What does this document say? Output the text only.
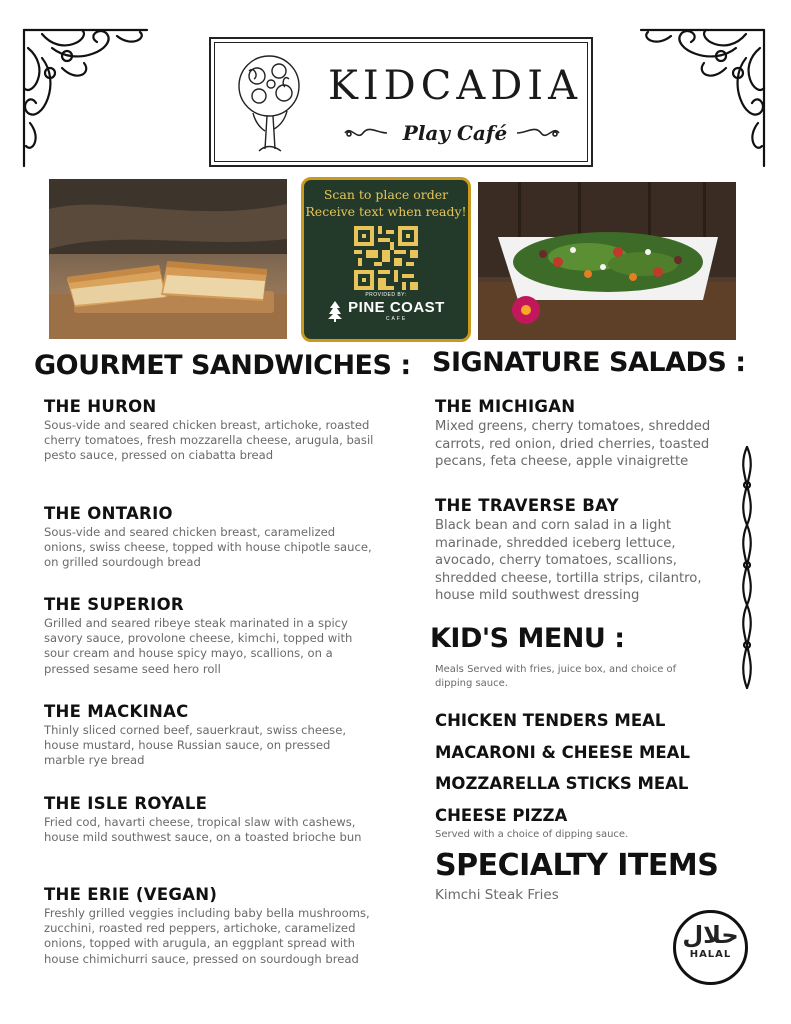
KIDCADIA
Play Café
Scan to place order
Receive text when ready!
PROVIDED BY:
PINE COAST
CAFE
GOURMET SANDWICHES :
THE HURON
Sous-vide and seared chicken breast, artichoke, roasted cherry tomatoes, fresh mozzarella cheese, arugula, basil pesto sauce, pressed on ciabatta bread
THE ONTARIO
Sous-vide and seared chicken breast, caramelized onions, swiss cheese, topped with house chipotle sauce, on grilled sourdough bread
THE SUPERIOR
Grilled and seared ribeye steak marinated in a spicy savory sauce, provolone cheese, kimchi, topped with sour cream and house spicy mayo, scallions, on a pressed sesame seed hero roll
THE MACKINAC
Thinly sliced corned beef, sauerkraut, swiss cheese, house mustard, house Russian sauce, on pressed marble rye bread
THE ISLE ROYALE
Fried cod, havarti cheese, tropical slaw with cashews, house mild southwest sauce, on a toasted brioche bun
THE ERIE (VEGAN)
Freshly grilled veggies including baby bella mushrooms, zucchini, roasted red peppers, artichoke, caramelized onions, topped with arugula, an eggplant spread with house chimichurri sauce, pressed on sourdough bread
SIGNATURE SALADS :
THE MICHIGAN
Mixed greens, cherry tomatoes, shredded carrots, red onion, dried cherries, toasted pecans, feta cheese, apple vinaigrette
THE TRAVERSE BAY
Black bean and corn salad in a light marinade, shredded iceberg lettuce, avocado, cherry tomatoes, scallions, shredded cheese, tortilla strips, cilantro, house mild southwest dressing
KID'S MENU :
Meals Served with fries, juice box, and choice of dipping sauce.
CHICKEN TENDERS MEAL
MACARONI & CHEESE MEAL
MOZZARELLA STICKS MEAL
CHEESE PIZZA
Served with a choice of dipping sauce.
SPECIALTY ITEMS
Kimchi Steak Fries
حلال
HALAL
